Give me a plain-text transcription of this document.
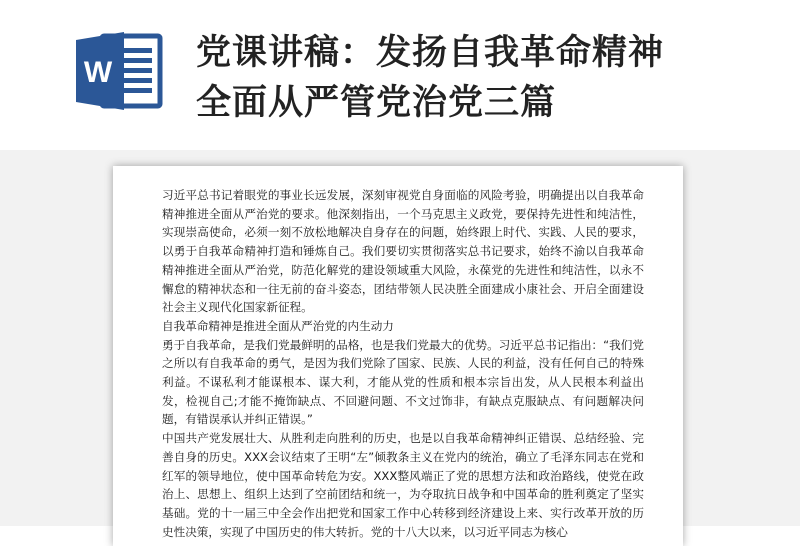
W 党课讲稿：发扬自我革命精神
全面从严管党治党三篇

习近平总书记着眼党的事业长远发展，深刻审视党自身面临的风险考验，明确提出以自我革命精神推进全面从严治党的要求。他深刻指出，一个马克思主义政党，要保持先进性和纯洁性，实现崇高使命，必须一刻不放松地解决自身存在的问题，始终跟上时代、实践、人民的要求，以勇于自我革命精神打造和锤炼自己。我们要切实贯彻落实总书记要求，始终不渝以自我革命精神推进全面从严治党，防范化解党的建设领域重大风险，永葆党的先进性和纯洁性，以永不懈怠的精神状态和一往无前的奋斗姿态，团结带领人民决胜全面建成小康社会、开启全面建设社会主义现代化国家新征程。

自我革命精神是推进全面从严治党的内生动力

勇于自我革命，是我们党最鲜明的品格，也是我们党最大的优势。习近平总书记指出：“我们党之所以有自我革命的勇气，是因为我们党除了国家、民族、人民的利益，没有任何自己的特殊利益。不谋私利才能谋根本、谋大利，才能从党的性质和根本宗旨出发，从人民根本利益出发，检视自己;才能不掩饰缺点、不回避问题、不文过饰非，有缺点克服缺点、有问题解决问题，有错误承认并纠正错误。”

中国共产党发展壮大、从胜利走向胜利的历史，也是以自我革命精神纠正错误、总结经验、完善自身的历史。XXX会议结束了王明“左”倾教条主义在党内的统治，确立了毛泽东同志在党和红军的领导地位，使中国革命转危为安。XXX整风端正了党的思想方法和政治路线，使党在政治上、思想上、组织上达到了空前团结和统一，为夺取抗日战争和中国革命的胜利奠定了坚实基础。党的十一届三中全会作出把党和国家工作中心转移到经济建设上来、实行改革开放的历史性决策，实现了中国历史的伟大转折。党的十八大以来，以习近平同志为核心
